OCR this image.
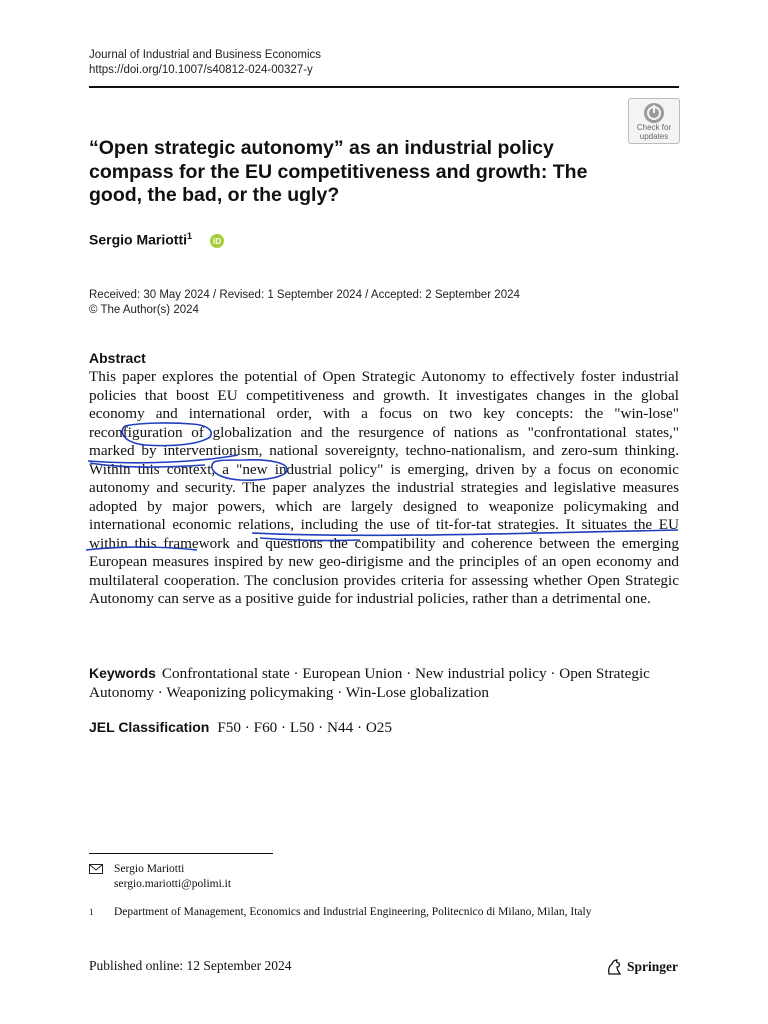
Journal of Industrial and Business Economics
https://doi.org/10.1007/s40812-024-00327-y
Check for
updates
“Open strategic autonomy” as an industrial policy compass for the EU competitiveness and growth: The good, the bad, or the ugly?
Sergio Mariotti$^1$	iD
Received: 30 May 2024 / Revised: 1 September 2024 / Accepted: 2 September 2024
© The Author(s) 2024
Abstract
This paper explores the potential of Open Strategic Autonomy to effectively foster industrial policies that boost EU competitiveness and growth. It investigates changes in the global economy and international order, with a focus on two key concepts: the "win-lose" reconfiguration of globalization and the resurgence of nations as "confrontational states," marked by interventionism, national sovereignty, techno-nationalism, and zero-sum thinking. Within this context, a "new industrial policy" is emerging, driven by a focus on economic autonomy and security. The paper analyzes the industrial strategies and legislative measures adopted by major powers, which are largely designed to weaponize policymaking and international economic relations, including the use of tit-for-tat strategies. It situates the EU within this framework and questions the compatibility and coherence between the emerging European measures inspired by new geo-dirigisme and the principles of an open economy and multilateral cooperation. The conclusion provides criteria for assessing whether Open Strategic Autonomy can serve as a positive guide for industrial policies, rather than a detrimental one.
Keywords Confrontational state · European Union · New industrial policy · Open Strategic Autonomy · Weaponizing policymaking · Win-Lose globalization
JEL Classification F50 · F60 · L50 · N44 · O25
Sergio Mariotti
sergio.mariotti@polimi.it
1 Department of Management, Economics and Industrial Engineering, Politecnico di Milano, Milan, Italy
Published online: 12 September 2024	Springer
